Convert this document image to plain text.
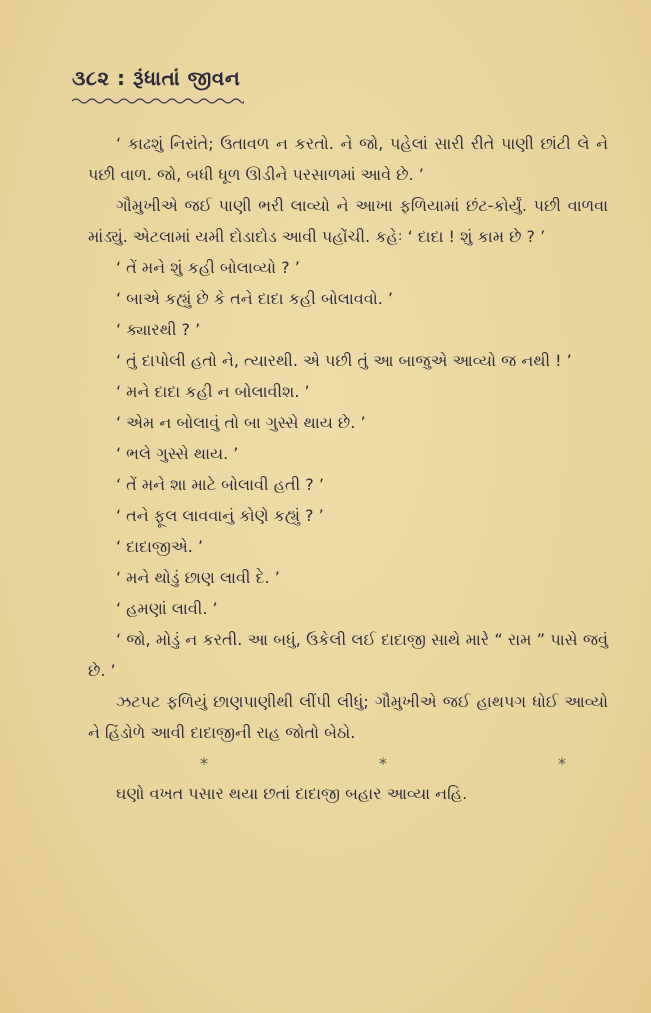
૩૮૨ : રૂંધાતાં જીવન

‘ કાઢશું નિરાંતે; ઉતાવળ ન કરતો. ને જો, પહેલાં સારી રીતે પાણી છાંટી લે ને પછી વાળ. જો, બધી ધૂળ ઊડીને પરસાળમાં આવે છે. ’

ગૌમુખીએ જઈ પાણી ભરી લાવ્યો ને આખા ફળિયામાં છંટ-કોર્યું. પછી વાળવા માંડ્યું. એટલામાં યમી દોડાદોડ આવી પહોંચી. કહેઃ ‘ દાદા ! શું કામ છે ? ’

‘ તેં મને શું કહી બોલાવ્યો ? ’

‘ બાએ કહ્યું છે કે તને દાદા કહી બોલાવવો. ’

‘ ક્યારથી ? ’

‘ તું દાપોલી હતો ને, ત્યારથી. એ પછી તું આ બાજુએ આવ્યો જ નથી ! ’

‘ મને દાદા કહી ન બોલાવીશ. ’

‘ એમ ન બોલાવું તો બા ગુસ્સે થાય છે. ’

‘ ભલે ગુસ્સે થાય. ’

‘ તેં મને શા માટે બોલાવી હતી ? ’

‘ તને ફૂલ લાવવાનું કોણે કહ્યું ? ’

‘ દાદાજીએ. ’

‘ મને થોડું છાણ લાવી દે. ’

‘ હમણાં લાવી. ’

‘ જો, મોડું ન કરતી. આ બધું, ઉકેલી લઈ દાદાજી સાથે મારે “ રામ ” પાસે જવું છે. ’

ઝટપટ ફળિયું છાણપાણીથી લીંપી લીધું; ગૌમુખીએ જઈ હાથપગ ધોઈ આવ્યો ને હિંડોળે આવી દાદાજીની રાહ જોતો બેઠો.

*	*	*

ઘણો વખત પસાર થયા છતાં દાદાજી બહાર આવ્યા નહિ.
